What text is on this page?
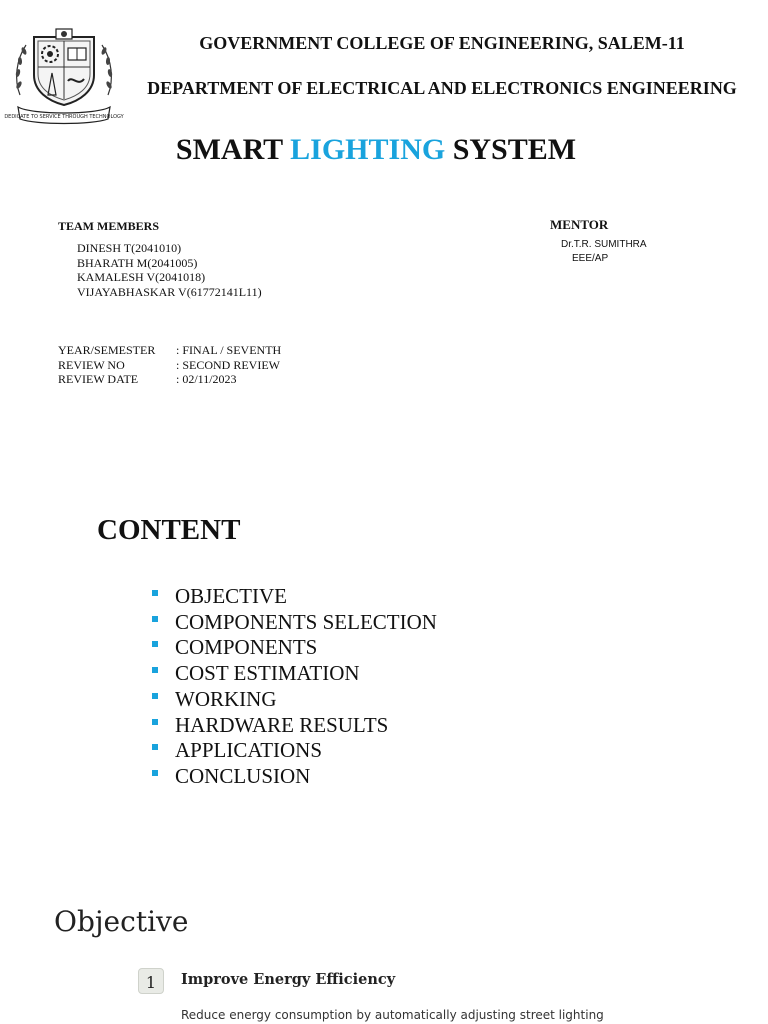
DEDICATE TO SERVICE THROUGH TECHNOLOGY
GOVERNMENT COLLEGE OF ENGINEERING, SALEM-11
DEPARTMENT OF ELECTRICAL AND ELECTRONICS ENGINEERING
SMART LIGHTING SYSTEM
TEAM MEMBERS
DINESH T(2041010)
BHARATH M(2041005)
KAMALESH V(2041018)
VIJAYABHASKAR V(61772141L11)
MENTOR
Dr.T.R. SUMITHRA
EEE/AP
YEAR/SEMESTER	: FINAL / SEVENTH
REVIEW NO	: SECOND REVIEW
REVIEW DATE	: 02/11/2023
CONTENT
OBJECTIVE
COMPONENTS SELECTION
COMPONENTS
COST ESTIMATION
WORKING
HARDWARE RESULTS
APPLICATIONS
CONCLUSION
Objective
1	Improve Energy Efficiency
Reduce energy consumption by automatically adjusting street lighting
